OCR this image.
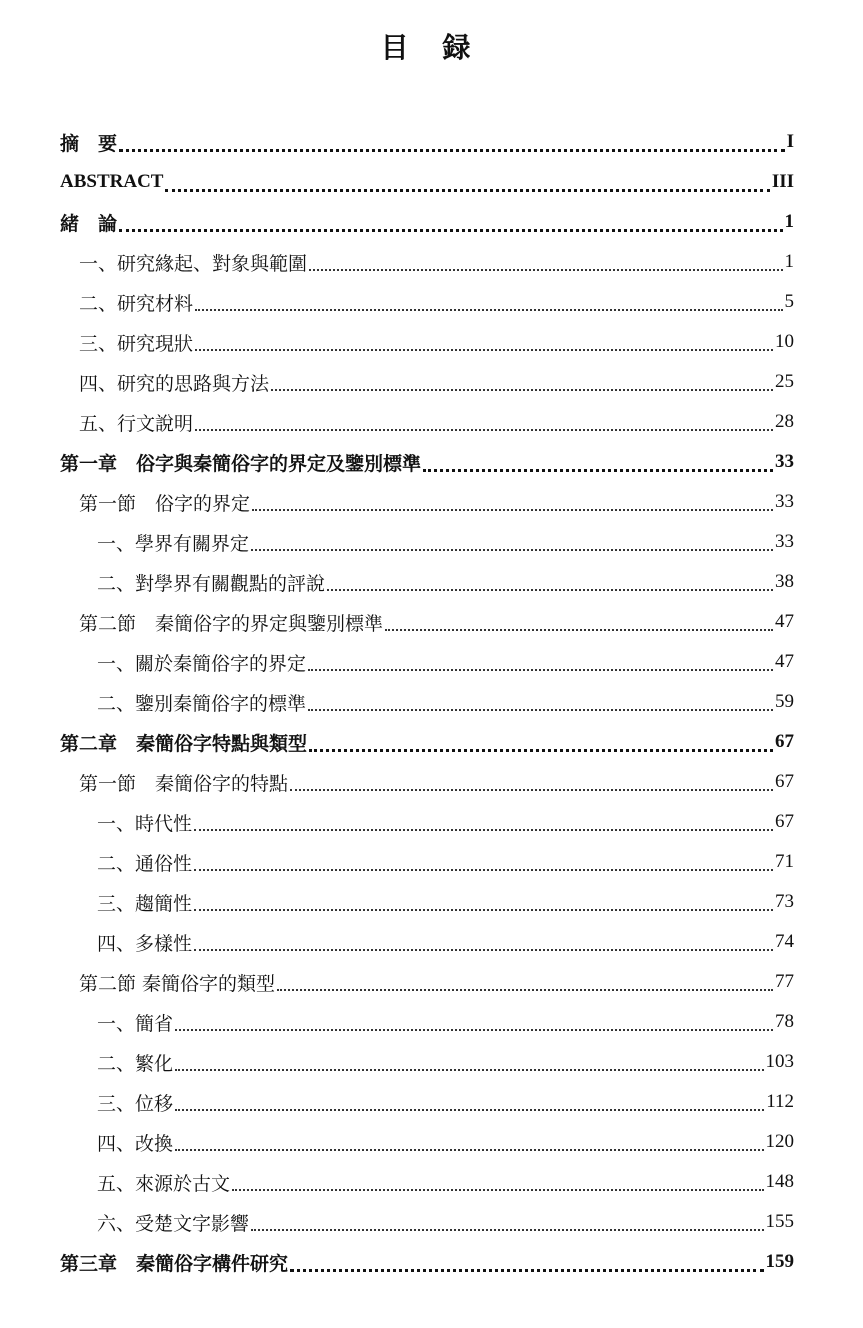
目 録
摘　要	I
ABSTRACT	III
緒　論	1
一、研究緣起、對象與範圍	1
二、研究材料	5
三、研究現狀	10
四、研究的思路與方法	25
五、行文說明	28
第一章　俗字與秦簡俗字的界定及鑒別標準	33
第一節　俗字的界定	33
一、學界有關界定	33
二、對學界有關觀點的評說	38
第二節　秦簡俗字的界定與鑒別標準	47
一、關於秦簡俗字的界定	47
二、鑒別秦簡俗字的標準	59
第二章　秦簡俗字特點與類型	67
第一節　秦簡俗字的特點	67
一、時代性	67
二、通俗性	71
三、趨簡性	73
四、多樣性	74
第二節 秦簡俗字的類型	77
一、簡省	78
二、繁化	103
三、位移	112
四、改換	120
五、來源於古文	148
六、受楚文字影響	155
第三章　秦簡俗字構件研究	159
